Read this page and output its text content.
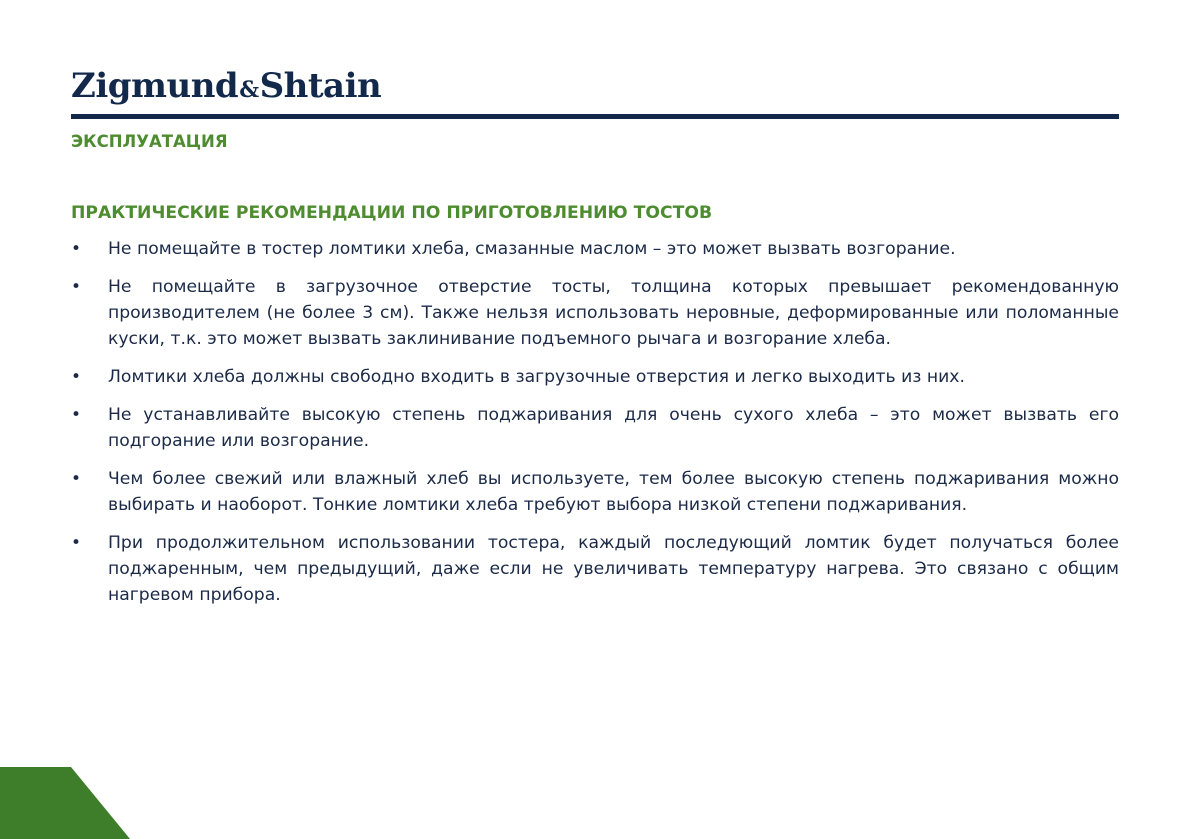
Zigmund&Shtain
ЭКСПЛУАТАЦИЯ
ПРАКТИЧЕСКИЕ РЕКОМЕНДАЦИИ ПО ПРИГОТОВЛЕНИЮ ТОСТОВ
• Не помещайте в тостер ломтики хлеба, смазанные маслом – это может вызвать возгорание.
• Не помещайте в загрузочное отверстие тосты, толщина которых превышает рекомендованную производителем (не более 3 см). Также нельзя использовать неровные, деформированные или поломанные куски, т.к. это может вызвать заклинивание подъемного рычага и возгорание хлеба.
• Ломтики хлеба должны свободно входить в загрузочные отверстия и легко выходить из них.
• Не устанавливайте высокую степень поджаривания для очень сухого хлеба – это может вызвать его подгорание или возгорание.
• Чем более свежий или влажный хлеб вы используете, тем более высокую степень поджаривания можно выбирать и наоборот. Тонкие ломтики хлеба требуют выбора низкой степени поджаривания.
• При продолжительном использовании тостера, каждый последующий ломтик будет получаться более поджаренным, чем предыдущий, даже если не увеличивать температуру нагрева. Это связано с общим нагревом прибора.
